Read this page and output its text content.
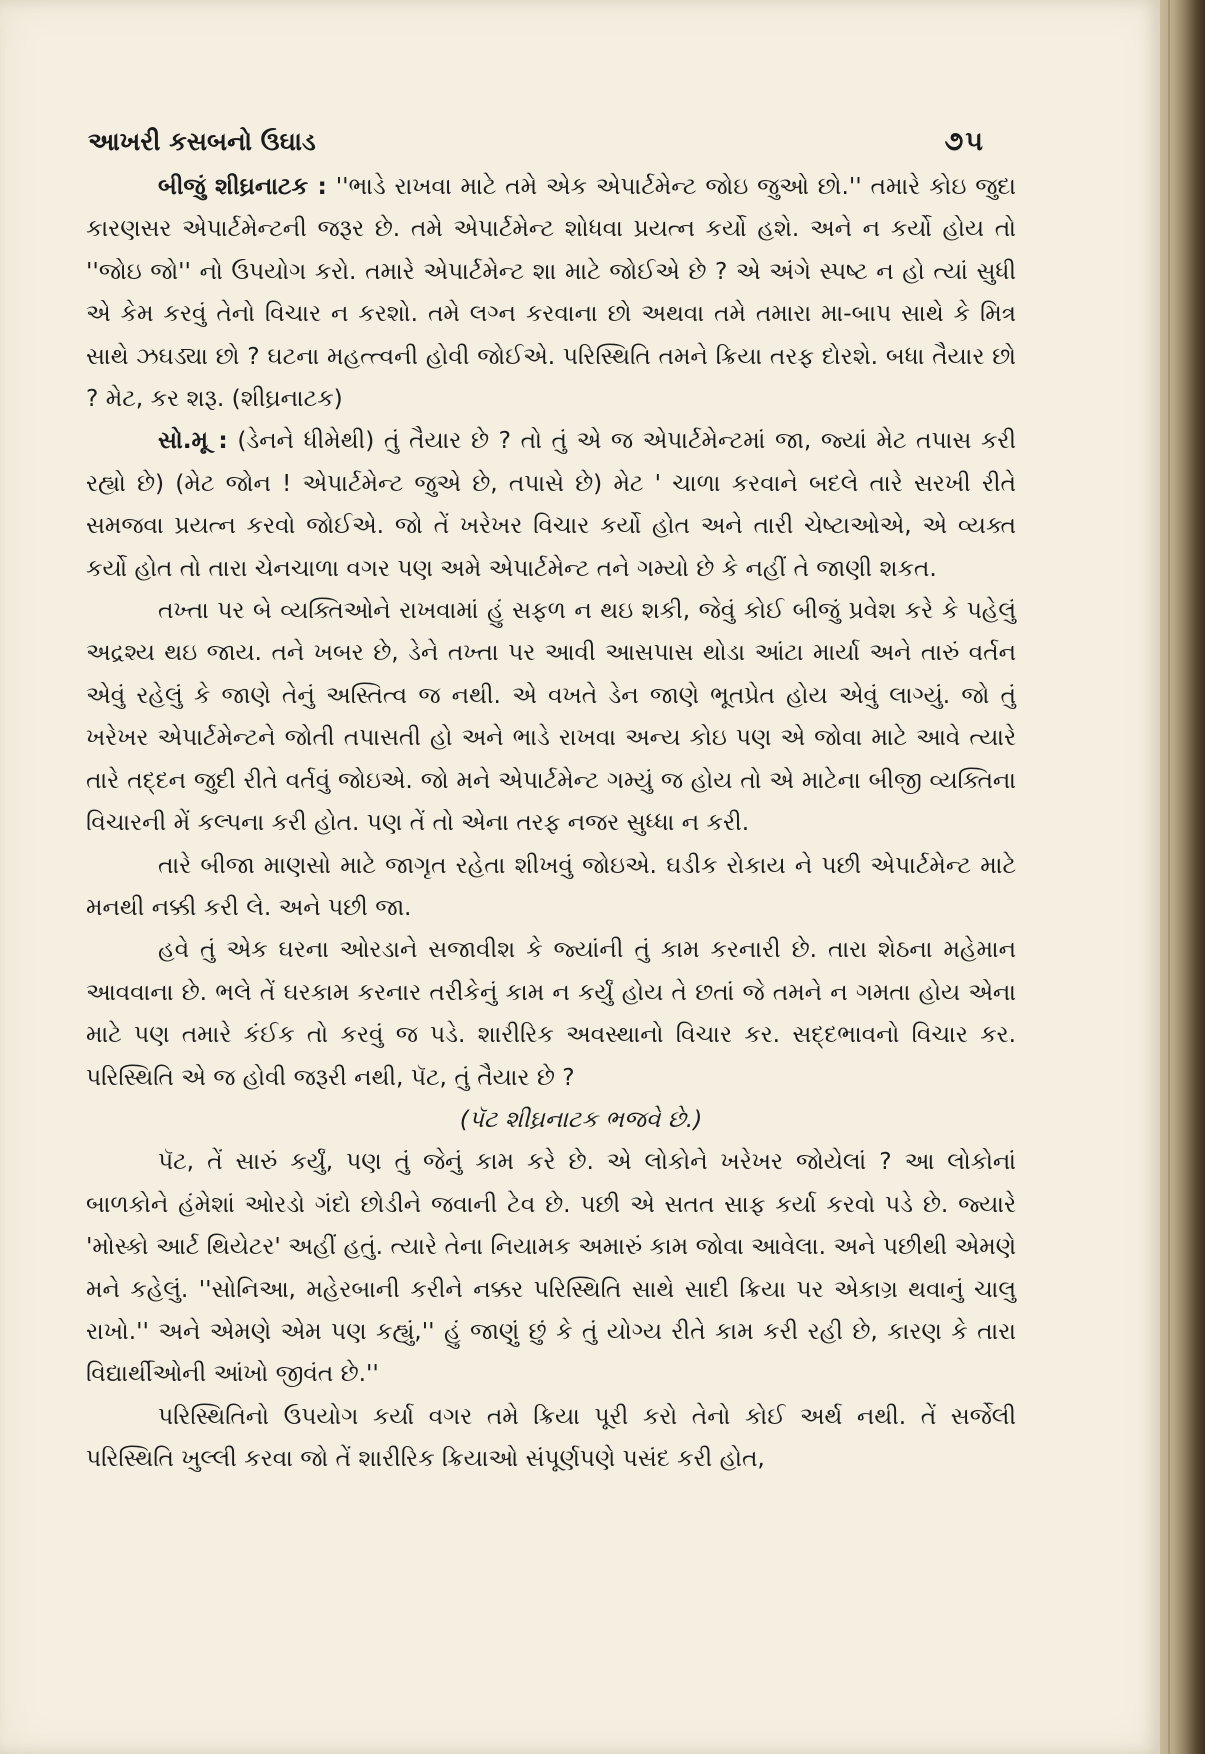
આખરી કસબનો ઉઘાડ	૭૫

બીજું શીઘ્રનાટક : ''ભાડે રાખવા માટે તમે એક એપાર્ટમેન્ટ જોઇ જુઓ છો.'' તમારે કોઇ જુદા કારણસર એપાર્ટમેન્ટની જરૂર છે. તમે એપાર્ટમેન્ટ શોધવા પ્રયત્ન કર્યો હશે. અને ન કર્યો હોય તો ''જોઇ જો'' નો ઉપયોગ કરો. તમારે એપાર્ટમેન્ટ શા માટે જોઈએ છે ? એ અંગે સ્પષ્ટ ન હો ત્યાં સુધી એ કેમ કરવું તેનો વિચાર ન કરશો. તમે લગ્ન કરવાના છો અથવા તમે તમારા મા-બાપ સાથે કે મિત્ર સાથે ઝઘડ્યા છો ? ઘટના મહત્ત્વની હોવી જોઈએ. પરિસ્થિતિ તમને ક્રિયા તરફ દોરશે. બધા તૈયાર છો ? મેટ, કર શરૂ. (શીઘ્રનાટક)

સો.મૂ : (ડેનને ધીમેથી) તું તૈયાર છે ? તો તું એ જ એપાર્ટમેન્ટમાં જા, જ્યાં મેટ તપાસ કરી રહ્યો છે) (મેટ જોન ! એપાર્ટમેન્ટ જુએ છે, તપાસે છે) મેટ ' ચાળા કરવાને બદલે તારે સરખી રીતે સમજવા પ્રયત્ન કરવો જોઈએ. જો તેં ખરેખર વિચાર કર્યો હોત અને તારી ચેષ્ટાઓએ, એ વ્યક્ત કર્યો હોત તો તારા ચેનચાળા વગર પણ અમે એપાર્ટમેન્ટ તને ગમ્યો છે કે નહીં તે જાણી શકત.

તખ્તા પર બે વ્યક્તિઓને રાખવામાં હું સફળ ન થઇ શકી, જેવું કોઈ બીજું પ્રવેશ કરે કે પહેલું અદ્રશ્ય થઇ જાય. તને ખબર છે, ડેને તખ્તા પર આવી આસપાસ થોડા આંટા માર્યા અને તારું વર્તન એવું રહેલું કે જાણે તેનું અસ્તિત્વ જ નથી. એ વખતે ડેન જાણે ભૂતપ્રેત હોય એવું લાગ્યું. જો તું ખરેખર એપાર્ટમેન્ટને જોતી તપાસતી હો અને ભાડે રાખવા અન્ય કોઇ પણ એ જોવા માટે આવે ત્યારે તારે તદ્દન જુદી રીતે વર્તવું જોઇએ. જો મને એપાર્ટમેન્ટ ગમ્યું જ હોય તો એ માટેના બીજી વ્યક્તિના વિચારની મેં કલ્પના કરી હોત. પણ તેં તો એના તરફ નજર સુધ્ધા ન કરી.

તારે બીજા માણસો માટે જાગૃત રહેતા શીખવું જોઇએ. ઘડીક રોકાય ને પછી એપાર્ટમેન્ટ માટે મનથી નક્કી કરી લે. અને પછી જા.

હવે તું એક ઘરના ઓરડાને સજાવીશ કે જ્યાંની તું કામ કરનારી છે. તારા શેઠના મહેમાન આવવાના છે. ભલે તેં ઘરકામ કરનાર તરીકેનું કામ ન કર્યું હોય તે છતાં જે તમને ન ગમતા હોય એના માટે પણ તમારે કંઈક તો કરવું જ પડે. શારીરિક અવસ્થાનો વિચાર કર. સદ્દભાવનો વિચાર કર. પરિસ્થિતિ એ જ હોવી જરૂરી નથી, પૅટ, તું તૈયાર છે ?

(પૅટ શીઘ્રનાટક ભજવે છે.)

પૅટ, તેં સારું કર્યું, પણ તું જેનું કામ કરે છે. એ લોકોને ખરેખર જોયેલાં ? આ લોકોનાં બાળકોને હંમેશાં ઓરડો ગંદો છોડીને જવાની ટેવ છે. પછી એ સતત સાફ કર્યા કરવો પડે છે. જ્યારે 'મોસ્કો આર્ટ થિયેટર' અહીં હતું. ત્યારે તેના નિયામક અમારું કામ જોવા આવેલા. અને પછીથી એમણે મને કહેલું. ''સોનિઆ, મહેરબાની કરીને નક્કર પરિસ્થિતિ સાથે સાદી ક્રિયા પર એકાગ્ર થવાનું ચાલુ રાખો.'' અને એમણે એમ પણ કહ્યું,'' હું જાણું છું કે તું યોગ્ય રીતે કામ કરી રહી છે, કારણ કે તારા વિદ્યાર્થીઓની આંખો જીવંત છે.''

પરિસ્થિતિનો ઉપયોગ કર્યા વગર તમે ક્રિયા પૂરી કરો તેનો કોઈ અર્થ નથી. તેં સર્જેલી પરિસ્થિતિ ખુલ્લી કરવા જો તેં શારીરિક ક્રિયાઓ સંપૂર્ણપણે પસંદ કરી હોત,
